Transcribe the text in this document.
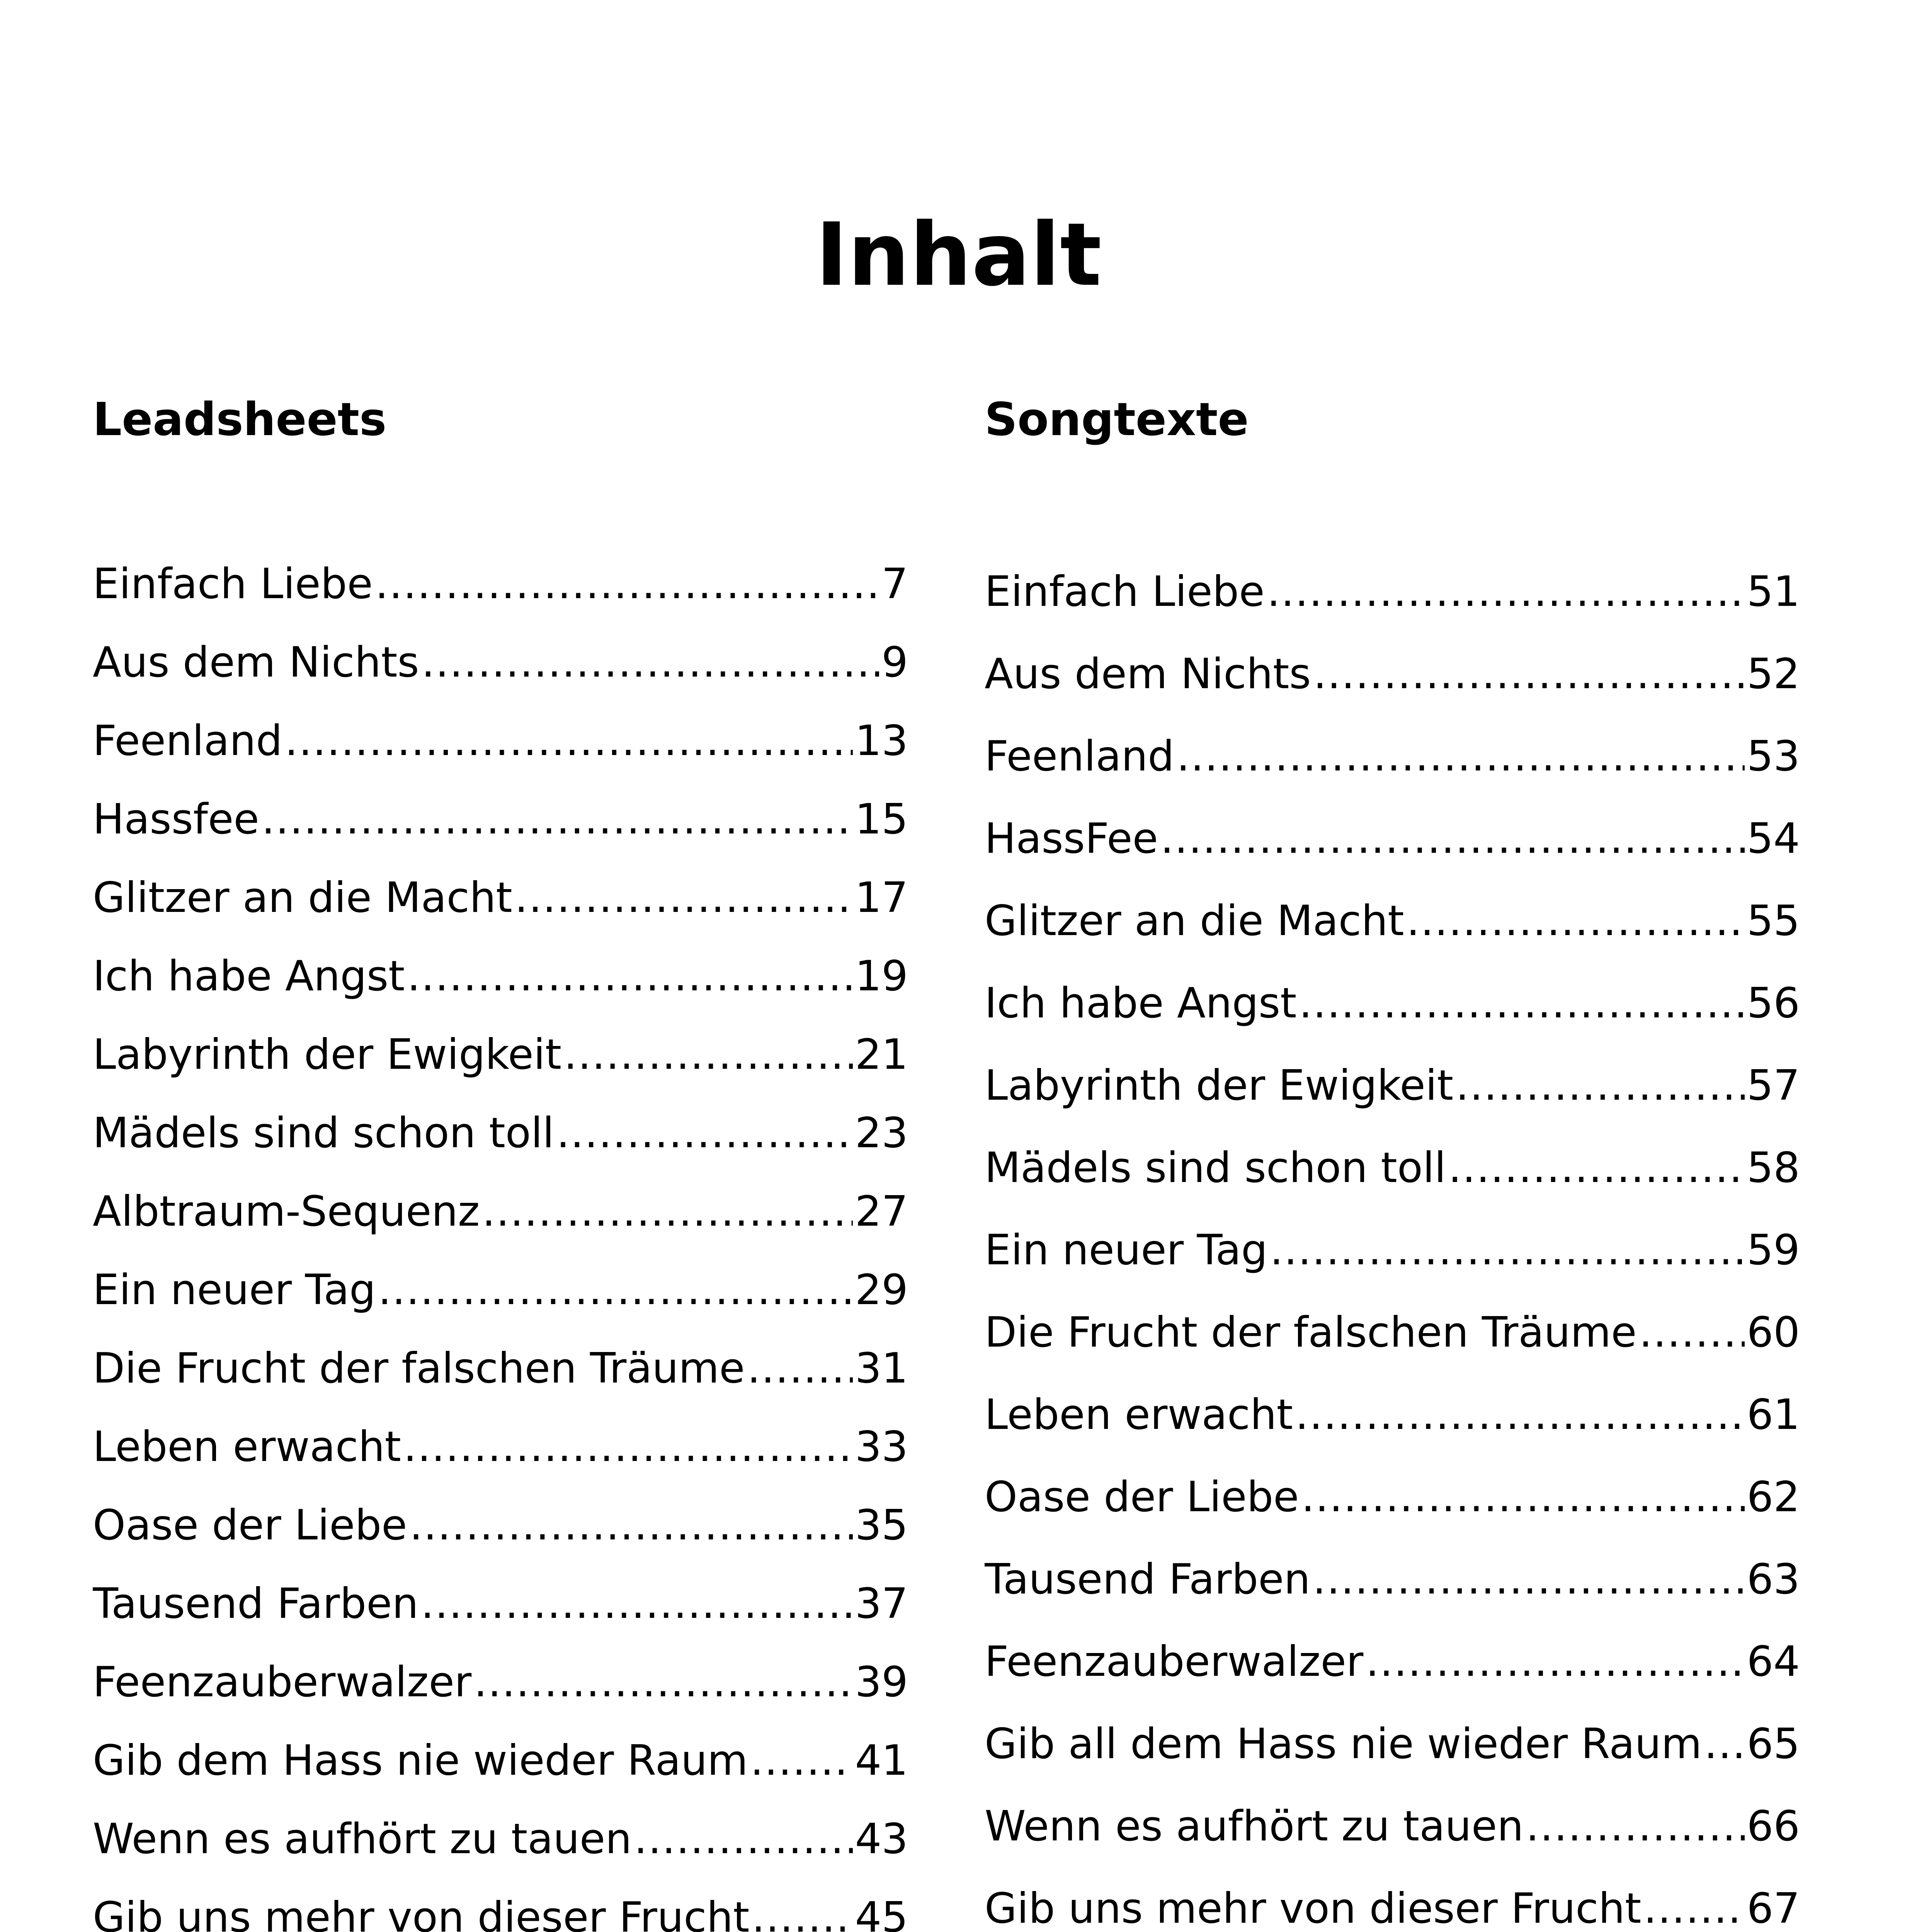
Inhalt
Leadsheets	Songtexte
Einfach Liebe .....	7
Aus dem Nichts .....	9
Feenland .....	13
Hassfee .....	15
Glitzer an die Macht .....	17
Ich habe Angst .....	19
Labyrinth der Ewigkeit .....	21
Mädels sind schon toll .....	23
Albtraum-Sequenz .....	27
Ein neuer Tag .....	29
Die Frucht der falschen Träume .....	31
Leben erwacht .....	33
Oase der Liebe .....	35
Tausend Farben .....	37
Feenzauberwalzer .....	39
Gib dem Hass nie wieder Raum .....	41
Wenn es aufhört zu tauen .....	43
Gib uns mehr von dieser Frucht .....	45
Einfach Liebe .....	51
Aus dem Nichts .....	52
Feenland .....	53
HassFee .....	54
Glitzer an die Macht .....	55
Ich habe Angst .....	56
Labyrinth der Ewigkeit .....	57
Mädels sind schon toll .....	58
Ein neuer Tag .....	59
Die Frucht der falschen Träume .....	60
Leben erwacht .....	61
Oase der Liebe .....	62
Tausend Farben .....	63
Feenzauberwalzer .....	64
Gib all dem Hass nie wieder Raum ..... 65
Wenn es aufhört zu tauen .....	66
Gib uns mehr von dieser Frucht .....	67
